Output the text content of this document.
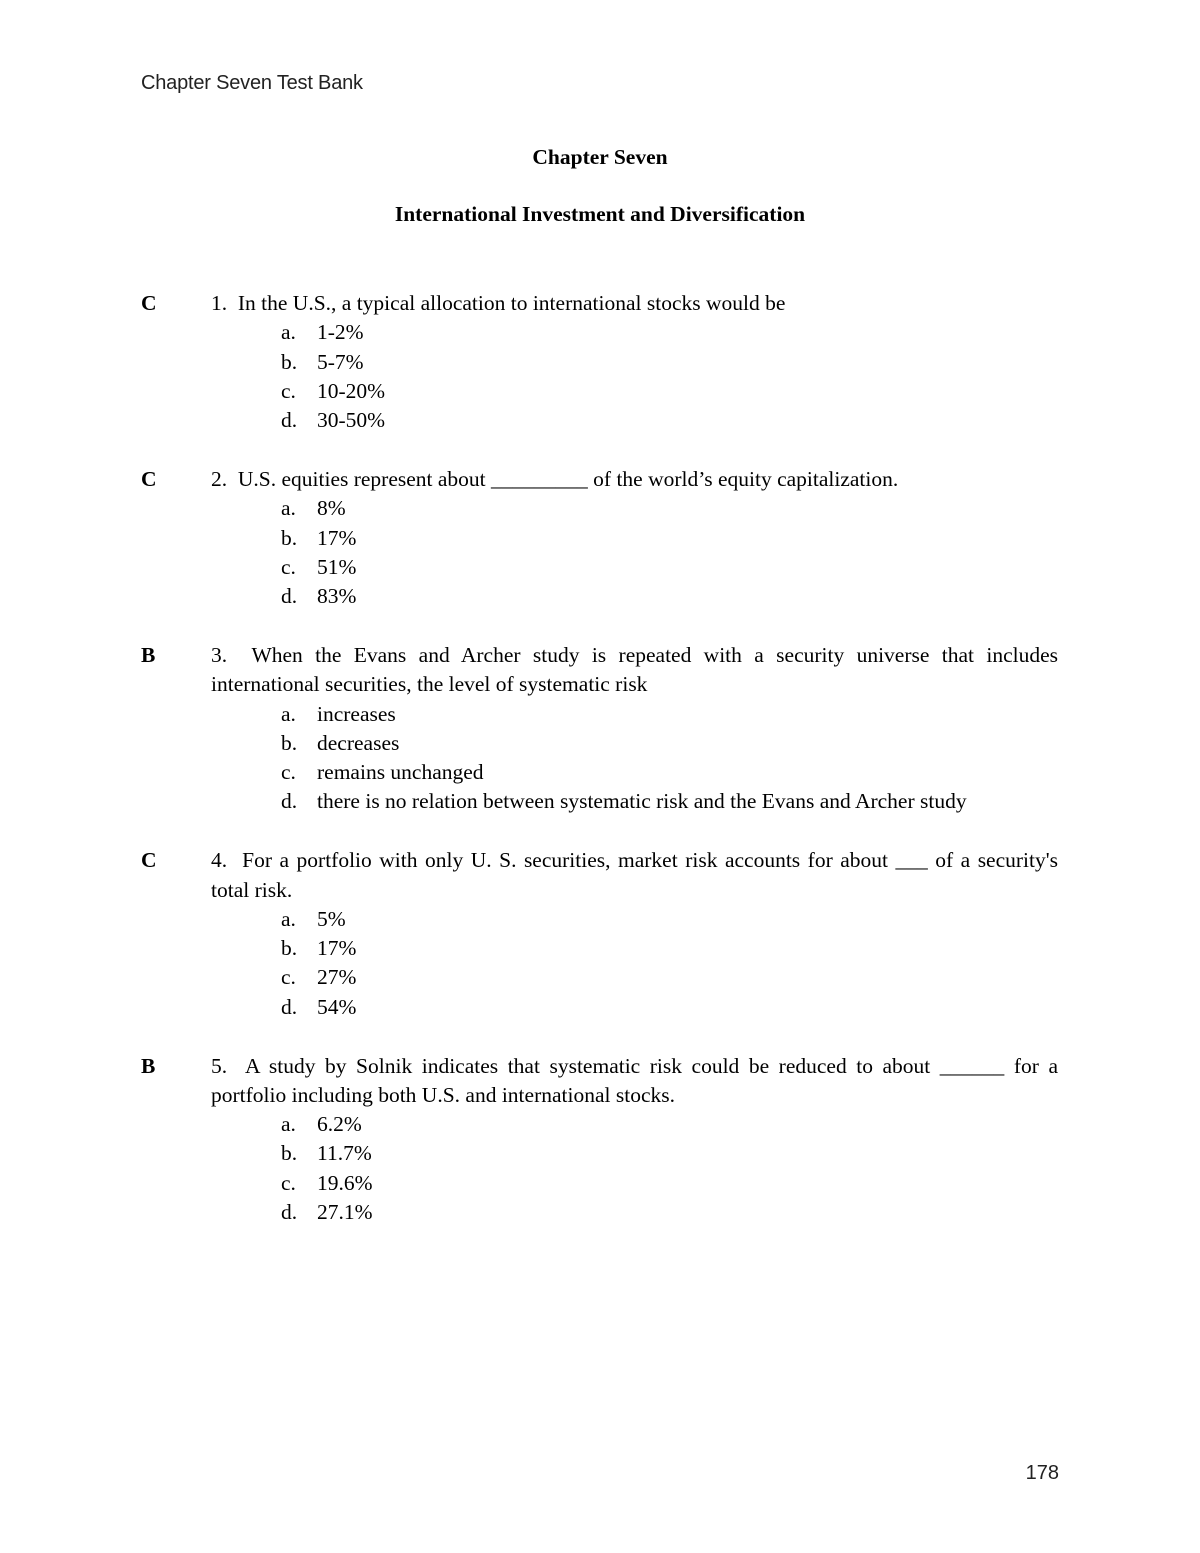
Chapter Seven Test Bank
Chapter Seven
International Investment and Diversification
C	1. In the U.S., a typical allocation to international stocks would be
a. 1-2%
b. 5-7%
c. 10-20%
d. 30-50%
C	2. U.S. equities represent about _________ of the world’s equity capitalization.
a. 8%
b. 17%
c. 51%
d. 83%
B	3. When the Evans and Archer study is repeated with a security universe that includes international securities, the level of systematic risk
a. increases
b. decreases
c. remains unchanged
d. there is no relation between systematic risk and the Evans and Archer study
C	4. For a portfolio with only U. S. securities, market risk accounts for about ___ of a security's total risk.
a. 5%
b. 17%
c. 27%
d. 54%
B	5. A study by Solnik indicates that systematic risk could be reduced to about ______ for a portfolio including both U.S. and international stocks.
a. 6.2%
b. 11.7%
c. 19.6%
d. 27.1%
178
